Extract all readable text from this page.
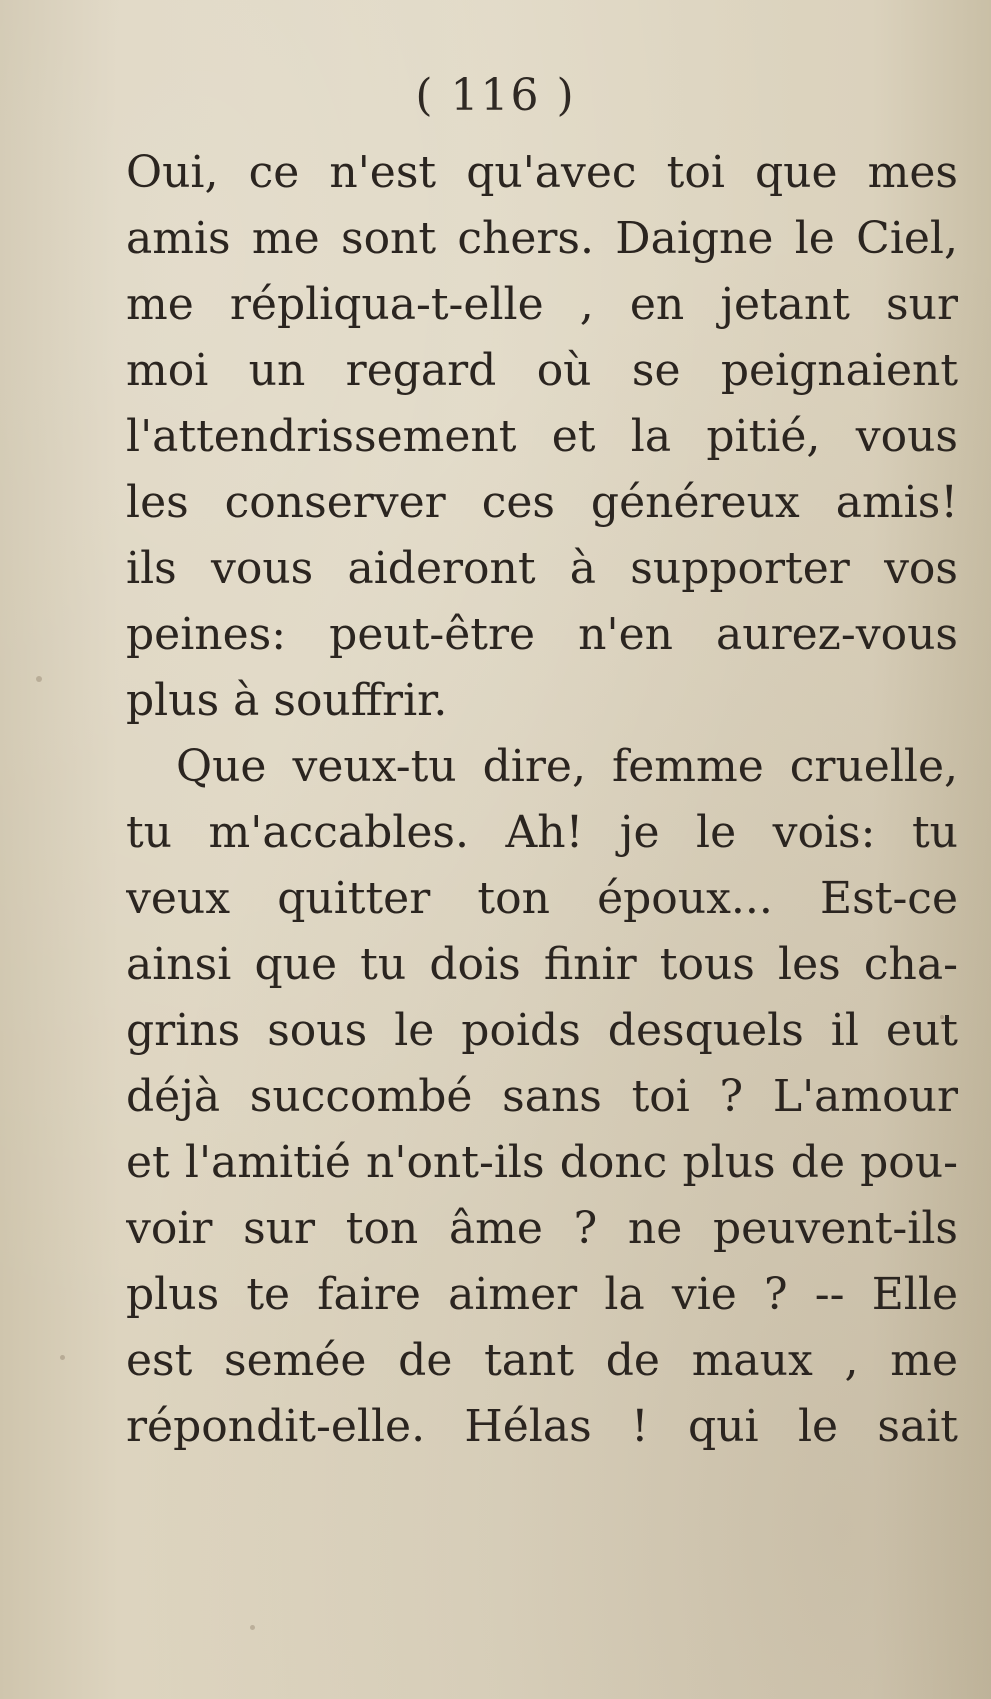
( 116 )
Oui, ce n'est qu'avec toi que mes
amis me sont chers. Daigne le Ciel,
me répliqua-t-elle , en jetant sur
moi un regard où se peignaient
l'attendrissement et la pitié, vous
les conserver ces généreux amis!
ils vous aideront à supporter vos
peines: peut-être n'en aurez-vous
plus à souffrir.
Que veux-tu dire, femme cruelle,
tu m'accables. Ah! je le vois: tu
veux quitter ton époux... Est-ce
ainsi que tu dois finir tous les cha-
grins sous le poids desquels il eut
déjà succombé sans toi ? L'amour
et l'amitié n'ont-ils donc plus de pou-
voir sur ton âme ? ne peuvent-ils
plus te faire aimer la vie ? -- Elle
est semée de tant de maux , me
répondit-elle. Hélas ! qui le sait
